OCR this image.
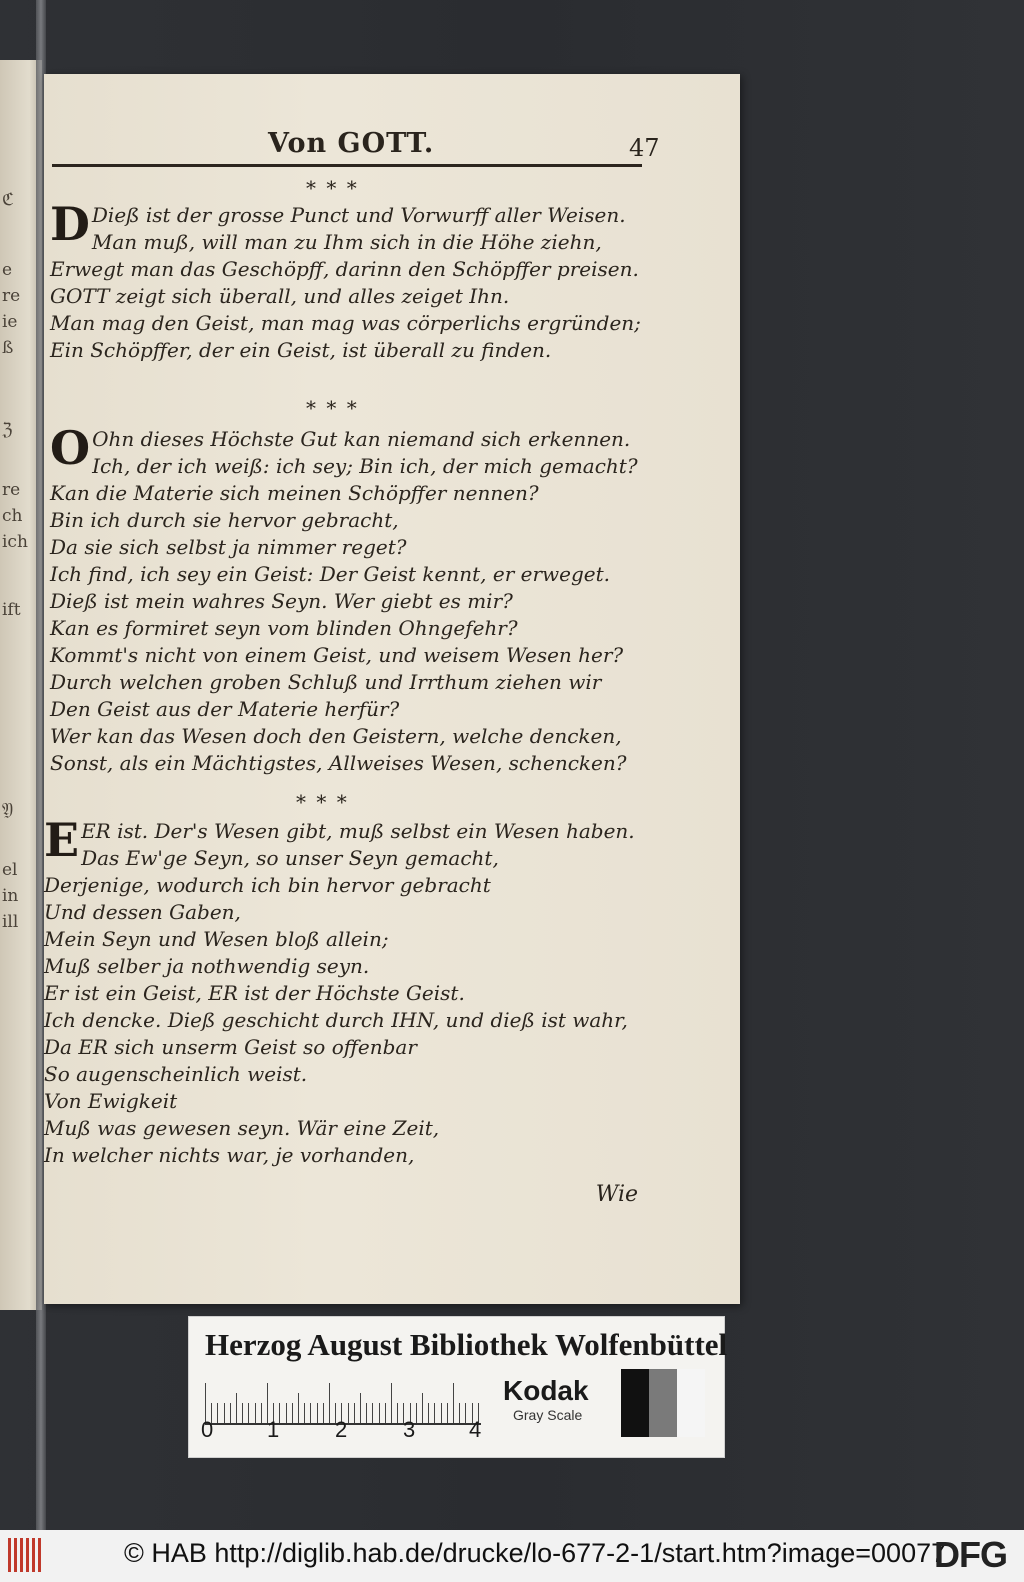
ℭ
e
re
ie
ß
ℨ
re
ch
ich
ift
𝔜
el
in
ill
Von GOTT.	47
* * *
D Dieß ist der grosse Punct und Vorwurff aller Weisen.
Man muß, will man zu Ihm sich in die Höhe ziehn,
Erwegt man das Geschöpff, darinn den Schöpffer preisen.
GOTT zeigt sich überall, und alles zeiget Ihn.
Man mag den Geist, man mag was cörperlichs ergründen;
Ein Schöpffer, der ein Geist, ist überall zu finden.
* * *
O Ohn dieses Höchste Gut kan niemand sich erkennen.
Ich, der ich weiß: ich sey; Bin ich, der mich gemacht?
Kan die Materie sich meinen Schöpffer nennen?
Bin ich durch sie hervor gebracht,
Da sie sich selbst ja nimmer reget?
Ich find, ich sey ein Geist: Der Geist kennt, er erweget.
Dieß ist mein wahres Seyn. Wer giebt es mir?
Kan es formiret seyn vom blinden Ohngefehr?
Kommt's nicht von einem Geist, und weisem Wesen her?
Durch welchen groben Schluß und Irrthum ziehen wir
Den Geist aus der Materie herfür?
Wer kan das Wesen doch den Geistern, welche dencken,
Sonst, als ein Mächtigstes, Allweises Wesen, schencken?
* * *
EER ist. Der's Wesen gibt, muß selbst ein Wesen haben.
Das Ew'ge Seyn, so unser Seyn gemacht,
Derjenige, wodurch ich bin hervor gebracht
Und dessen Gaben,
Mein Seyn und Wesen bloß allein;
Muß selber ja nothwendig seyn.
Er ist ein Geist, ER ist der Höchste Geist.
Ich dencke. Dieß geschicht durch IHN, und dieß ist wahr,
Da ER sich unserm Geist so offenbar
So augenscheinlich weist.
Von Ewigkeit
Muß was gewesen seyn. Wär eine Zeit,
In welcher nichts war, je vorhanden,
Wie
Herzog August Bibliothek Wolfenbüttel
0 1	2	3 4
Kodak
Gray Scale
© HAB http://diglib.hab.de/drucke/lo-677-2-1/start.htm?image=00077
DFG
